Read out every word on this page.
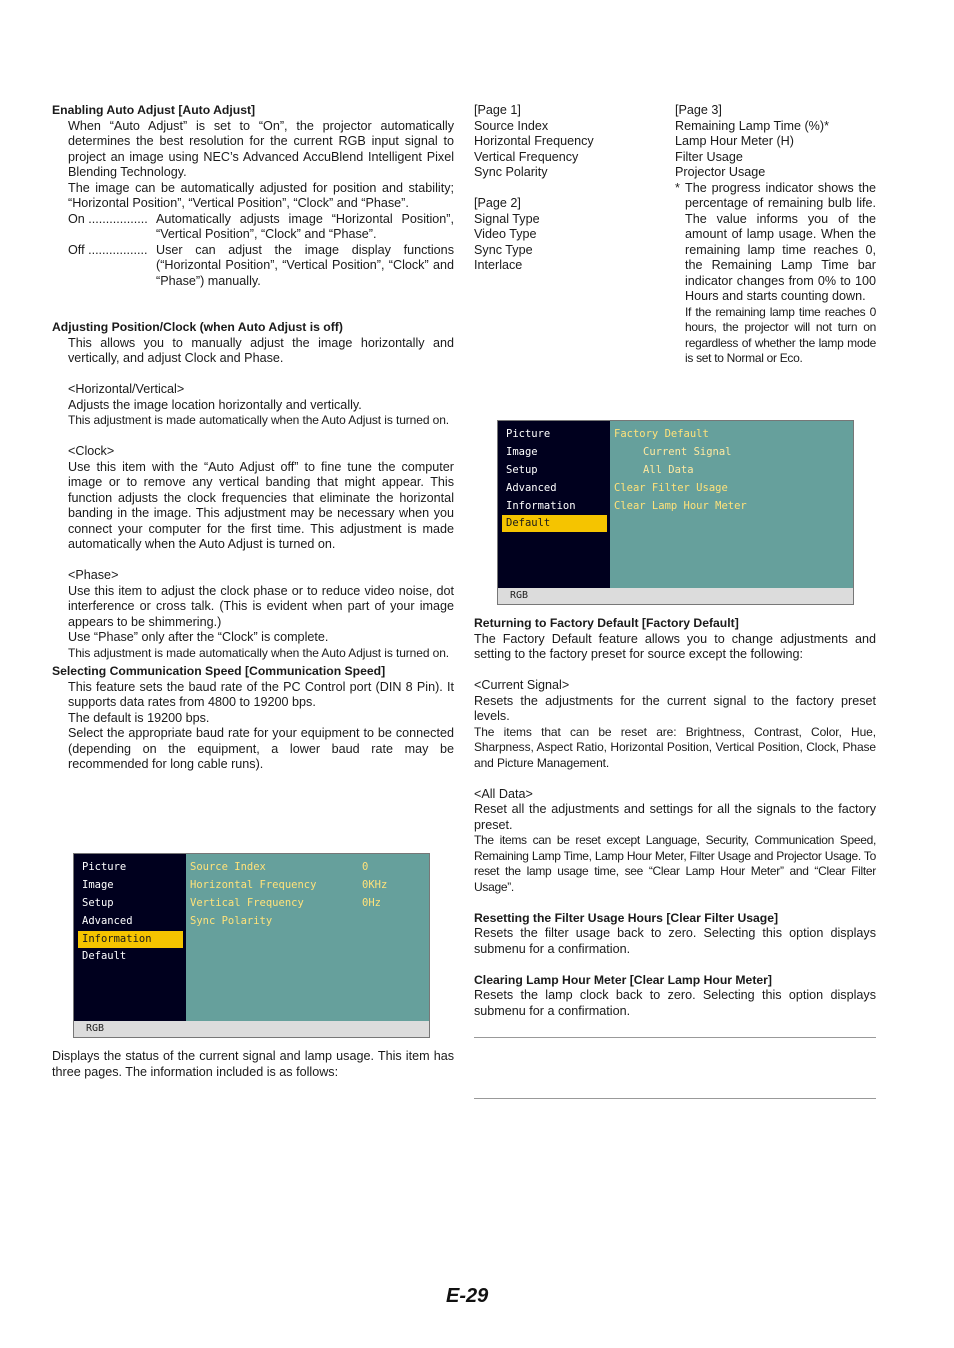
Enabling Auto Adjust [Auto Adjust]

When “Auto Adjust” is set to “On”, the projector automatically determines the best resolution for the current RGB input signal to project an image using NEC’s Advanced AccuBlend Intelligent Pixel Blending Technology.

The image can be automatically adjusted for position and stability; “Horizontal Position”, “Vertical Position”, “Clock” and “Phase”.

On ................. Automatically adjusts image “Horizontal Position”, “Vertical Position”, “Clock” and “Phase”.
Off ................. User can adjust the image display functions (“Horizontal Position”, “Vertical Position”, “Clock” and “Phase”) manually.

Adjusting Position/Clock (when Auto Adjust is off)

This allows you to manually adjust the image horizontally and vertically, and adjust Clock and Phase.

<Horizontal/Vertical>

Adjusts the image location horizontally and vertically.

This adjustment is made automatically when the Auto Adjust is turned on.

<Clock>

Use this item with the “Auto Adjust off” to fine tune the computer image or to remove any vertical banding that might appear. This function adjusts the clock frequencies that eliminate the horizontal banding in the image. This adjustment may be necessary when you connect your computer for the first time. This adjustment is made automatically when the Auto Adjust is turned on.

<Phase>

Use this item to adjust the clock phase or to reduce video noise, dot interference or cross talk. (This is evident when part of your image appears to be shimmering.)

Use “Phase” only after the “Clock” is complete.

This adjustment is made automatically when the Auto Adjust is turned on.

Selecting Communication Speed [Communication Speed]

This feature sets the baud rate of the PC Control port (DIN 8 Pin). It supports data rates from 4800 to 19200 bps.

The default is 19200 bps.

Select the appropriate baud rate for your equipment to be connected (depending on the equipment, a lower baud rate may be recommended for long cable runs).

Picture
Image
Setup
Advanced
Information
Default
Source Index	0
Horizontal Frequency	0KHz
Vertical Frequency	0Hz
Sync Polarity
RGB

Displays the status of the current signal and lamp usage. This item has three pages. The information included is as follows:

[Page 1]

Source Index

Horizontal Frequency

Vertical Frequency

Sync Polarity

[Page 2]

Signal Type

Video Type

Sync Type

Interlace

[Page 3]

Remaining Lamp Time (%)*

Lamp Hour Meter (H)

Filter Usage

Projector Usage

* The progress indicator shows the percentage of remaining bulb life. The value informs you of the amount of lamp usage. When the remaining lamp time reaches 0, the Remaining Lamp Time bar indicator changes from 0% to 100 Hours and starts counting down.

If the remaining lamp time reaches 0 hours, the projector will not turn on regardless of whether the lamp mode is set to Normal or Eco.

Picture
Image
Setup
Advanced
Information
Default
Factory Default
Current Signal
All Data
Clear Filter Usage
Clear Lamp Hour Meter
RGB

Returning to Factory Default [Factory Default]

The Factory Default feature allows you to change adjustments and setting to the factory preset for source except the following:

<Current Signal>

Resets the adjustments for the current signal to the factory preset levels.

The items that can be reset are: Brightness, Contrast, Color, Hue, Sharpness, Aspect Ratio, Horizontal Position, Vertical Position, Clock, Phase and Picture Management.

<All Data>

Reset all the adjustments and settings for all the signals to the factory preset.

The items can be reset except Language, Security, Communication Speed, Remaining Lamp Time, Lamp Hour Meter, Filter Usage and Projector Usage. To reset the lamp usage time, see “Clear Lamp Hour Meter” and “Clear Filter Usage”.

Resetting the Filter Usage Hours [Clear Filter Usage]

Resets the filter usage back to zero. Selecting this option displays submenu for a confirmation.

Clearing Lamp Hour Meter [Clear Lamp Hour Meter]

Resets the lamp clock back to zero. Selecting this option displays submenu for a confirmation.

E-29
